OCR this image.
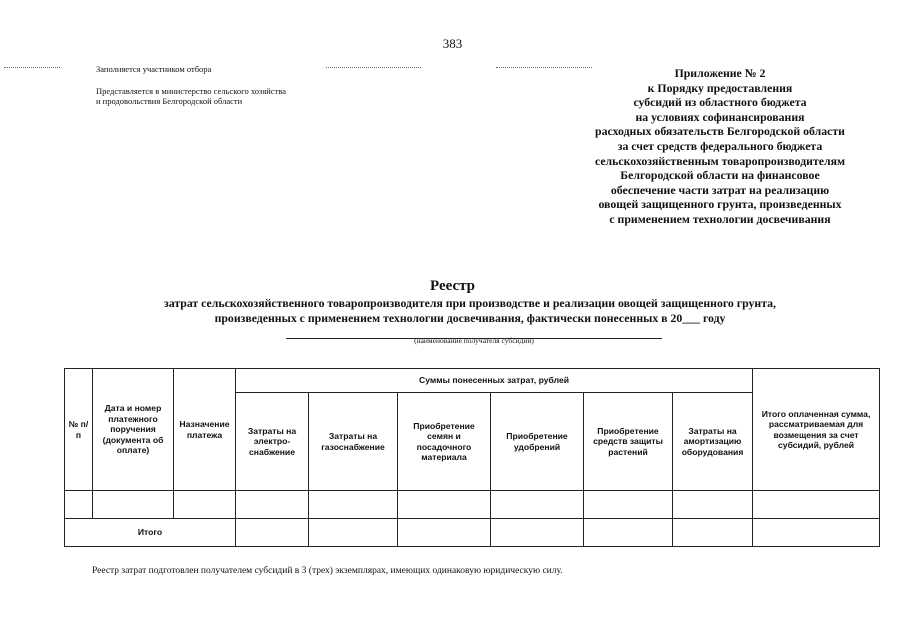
383
Заполняется участником отбора
Представляется в министерство сельского хозяйства
и продовольствия Белгородской области
Приложение № 2
к Порядку предоставления
субсидий из областного бюджета
на условиях софинансирования
расходных обязательств Белгородской области
за счет средств федерального бюджета
сельскохозяйственным товаропроизводителям
Белгородской области на финансовое
обеспечение части затрат на реализацию
овощей защищенного грунта, произведенных
с применением технологии досвечивания
Реестр
затрат сельскохозяйственного товаропроизводителя при производстве и реализации овощей защищенного грунта,
произведенных с применением технологии досвечивания, фактически понесенных в 20___ году
(наименование получателя субсидий)
№ п/п	Дата и номер платежного поручения (документа об оплате)	Назначение платежа	Суммы понесенных затрат, рублей						Итого оплаченная сумма, рассматриваемая для возмещения за счет субсидий, рублей
			Затраты на электро-снабжение	Затраты на газоснабжение	Приобретение семян и посадочного материала	Приобретение удобрений	Приобретение средств защиты растений	Затраты на амортизацию оборудования	

Итого									
Реестр затрат подготовлен получателем субсидий в 3 (трех) экземплярах, имеющих одинаковую юридическую силу.
